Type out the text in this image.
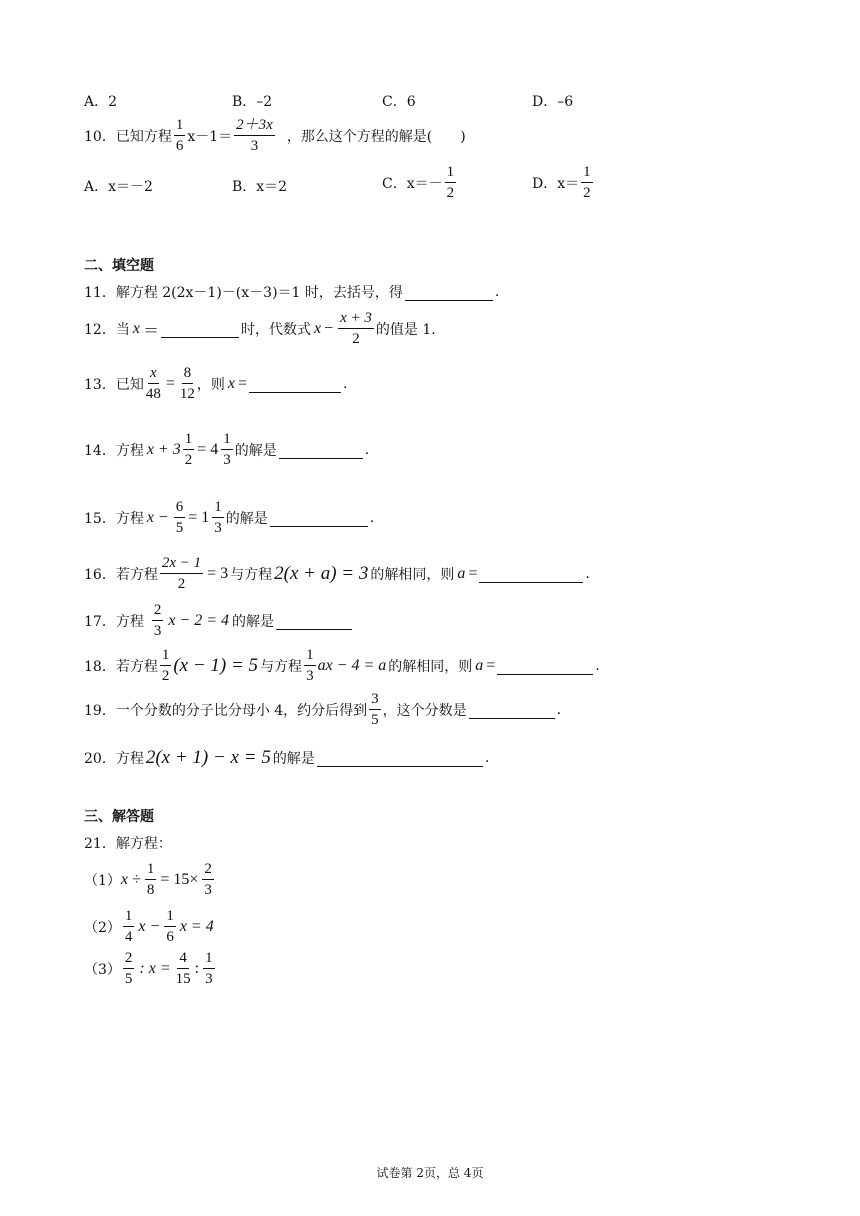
A．2	B．–2	C．6	D．–6
10．已知方程 $\frac{1}{6} x-1= \frac{2+3x}{3}$ ，那么这个方程的解是(　　)
A．x＝－2	B．x＝2	C．$x=- \frac{1}{2}$	D．$x= \frac{1}{2}$
二、填空题
11．解方程 2(2x－1)－(x－3)＝1 时，去括号，得	.
12．当 x ＝	时，代数式 $x - \frac{x + 3}{2}$ 的值是 1.
13．已知 $\frac{x}{48} = \frac{8}{12}$ ，则 x =	.
14．方程 $x + 3 \frac{1}{2} = 4 \frac{1}{3}$ 的解是	.
15．方程 $x - \frac{6}{5} = 1 \frac{1}{3}$ 的解是	.
16．若方程 $\frac{2x - 1}{2} = 3$ 与方程 2(x + a) = 3 的解相同，则 a =	.
17．方程 $\frac{2}{3}$ x − 2 = 4 的解是
18．若方程 $\frac{1}{2} (x - 1) = 5$ 与方程 $\frac{1}{3}$ ax − 4 = a 的解相同，则 a =	.
19．一个分数的分子比分母小 4，约分后得到 $\frac{3}{5}$ ，这个分数是	.
20．方程 2(x + 1) − x = 5 的解是	.
三、解答题
21．解方程：
（1） $x \div \frac{1}{8} = 15\times \frac{2}{3}$
$(2) \frac{1}{4}$ $x - \frac{1}{6}$ x = 4
$(3) \frac{2}{5}$ : $x = \frac{4}{15}$ : $\frac{1}{3}$
试卷第 2页，总 4页
